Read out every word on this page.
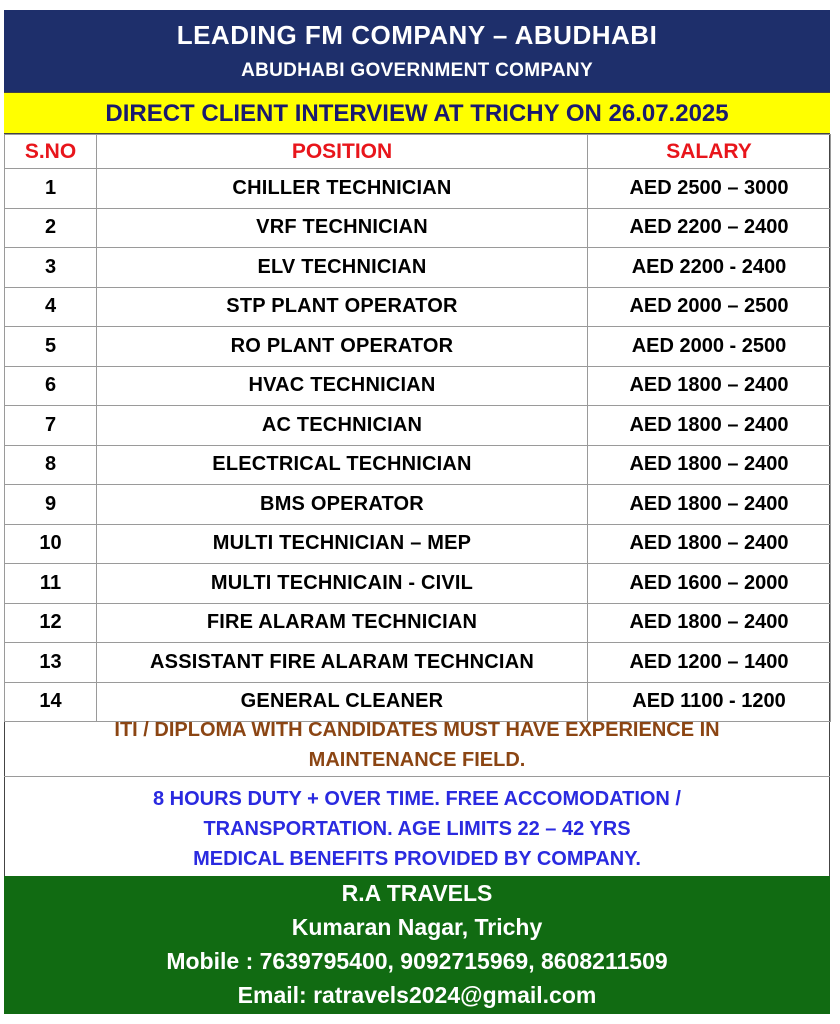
LEADING FM COMPANY – ABUDHABI
ABUDHABI GOVERNMENT COMPANY
DIRECT CLIENT INTERVIEW AT TRICHY ON 26.07.2025
S.NO	POSITION	SALARY
1	CHILLER TECHNICIAN	AED 2500 – 3000
2	VRF TECHNICIAN	AED 2200 – 2400
3	ELV TECHNICIAN	AED 2200 - 2400
4	STP PLANT OPERATOR	AED 2000 – 2500
5	RO PLANT OPERATOR	AED 2000 - 2500
6	HVAC TECHNICIAN	AED 1800 – 2400
7	AC TECHNICIAN	AED 1800 – 2400
8	ELECTRICAL TECHNICIAN	AED 1800 – 2400
9	BMS OPERATOR	AED 1800 – 2400
10	MULTI TECHNICIAN – MEP	AED 1800 – 2400
11	MULTI TECHNICAIN - CIVIL	AED 1600 – 2000
12	FIRE ALARAM TECHNICIAN	AED 1800 – 2400
13	ASSISTANT FIRE ALARAM TECHNCIAN	AED 1200 – 1400
14	GENERAL CLEANER	AED 1100 - 1200
ITI / DIPLOMA WITH CANDIDATES MUST HAVE EXPERIENCE IN
MAINTENANCE FIELD.
8 HOURS DUTY + OVER TIME. FREE ACCOMODATION /
TRANSPORTATION. AGE LIMITS 22 – 42 YRS
MEDICAL BENEFITS PROVIDED BY COMPANY.
R.A TRAVELS
Kumaran Nagar, Trichy
Mobile : 7639795400, 9092715969, 8608211509
Email: ratravels2024@gmail.com
